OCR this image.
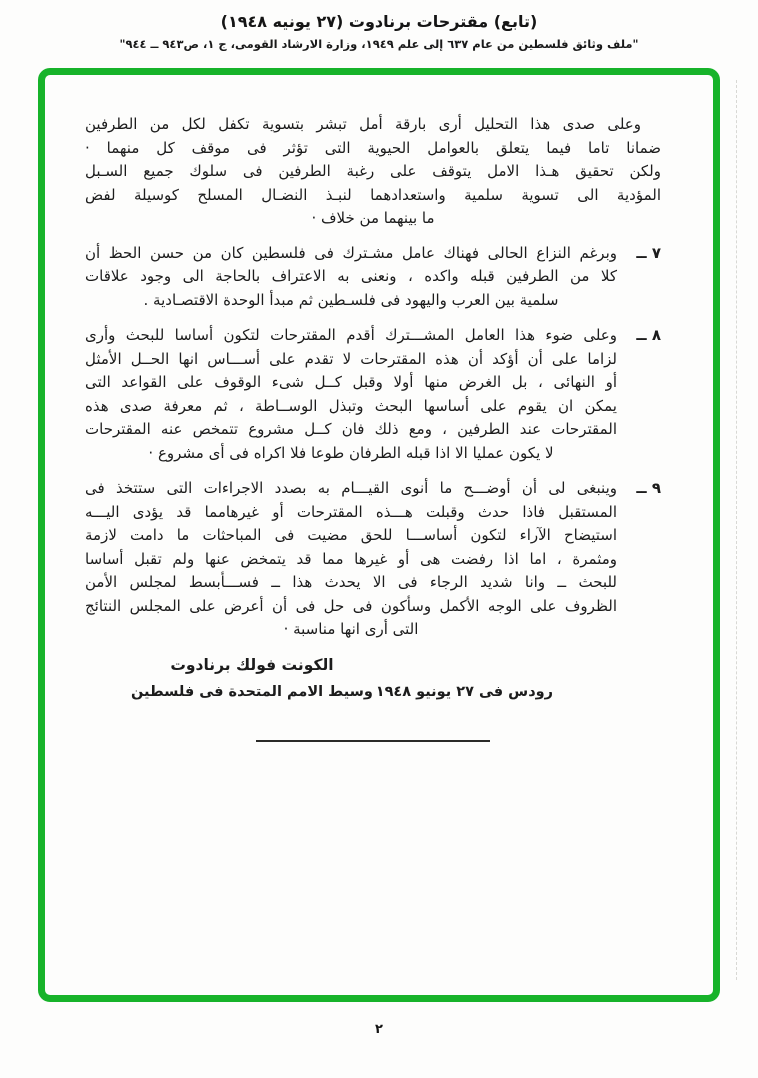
(تابع) مقترحات برنادوت (٢٧ يونيه ١٩٤٨)
"ملف وثائق فلسطين من عام ٦٣٧ إلى علم ١٩٤٩، وزارة الارشاد القومى، ج ١، ص٩٤٣ ــ ٩٤٤"
وعلى صدى هذا التحليل أرى بارقة أمل تبشر بتسوية تكفل لكل من الطرفين
ضمانا تاما فيما يتعلق بالعوامل الحيوية التى تؤثر فى موقف كل منهما ·
ولكن تحقيق هـذا الامل يتوقف على رغبة الطرفين فى سلوك جميع السـبل
المؤدية الى تسوية سلمية واستعدادهما لنبـذ النضـال المسلح كوسيلة لفض
ما بينهما من خلاف ·
٧ ــ
وبرغم النزاع الحالى فهناك عامل مشـترك فى فلسطين كان من حسن الحظ أن
كلا من الطرفين قبله واكده ، ونعنى به الاعتراف بالحاجة الى وجود علاقات
سلمية بين العرب واليهود فى فلسـطين ثم مبدأ الوحدة الاقتصـادية .
٨ ــ
وعلى ضوء هذا العامل المشـــترك أقدم المقترحات لتكون أساسا للبحث وأرى
لزاما على أن أؤكد أن هذه المقترحات لا تقدم على أســـاس انها الحــل الأمثل
أو النهائى ، بل الغرض منها أولا وقبل كــل شىء الوقوف على القواعد التى
يمكن ان يقوم على أساسها البحث وتبذل الوســاطة ، ثم معرفة صدى هذه
المقترحات عند الطرفين ، ومع ذلك فان كــل مشروع تتمخص عنه المقترحات
لا يكون عمليا الا اذا قبله الطرفان طوعا فلا اكراه فى أى مشروع ·
٩ ــ
وينبغى لى أن أوضـــح ما أنوى القيـــام به بصدد الاجراءات التى ستتخذ فى
المستقبل فاذا حدث وقبلت هـــذه المقترحات أو غيرهامما قد يؤدى اليـــه
استيضاح الآراء لتكون أساســـا للحق مضيت فى المباحثات ما دامت لازمة
ومثمرة ، اما اذا رفضت هى أو غيرها مما قد يتمخض عنها ولم تقبل أساسا
للبحث ــ وانا شديد الرجاء فى الا يحدث هذا ــ فســـأبسط لمجلس الأمن
الظروف على الوجه الأكمل وسأكون فى حل فى أن أعرض على المجلس النتائج
التى أرى انها مناسبة ·
رودس فى ٢٧ يونيو ١٩٤٨
الكونت فولك برنادوت
وسيط الامم المتحدة فى فلسطين
٢
